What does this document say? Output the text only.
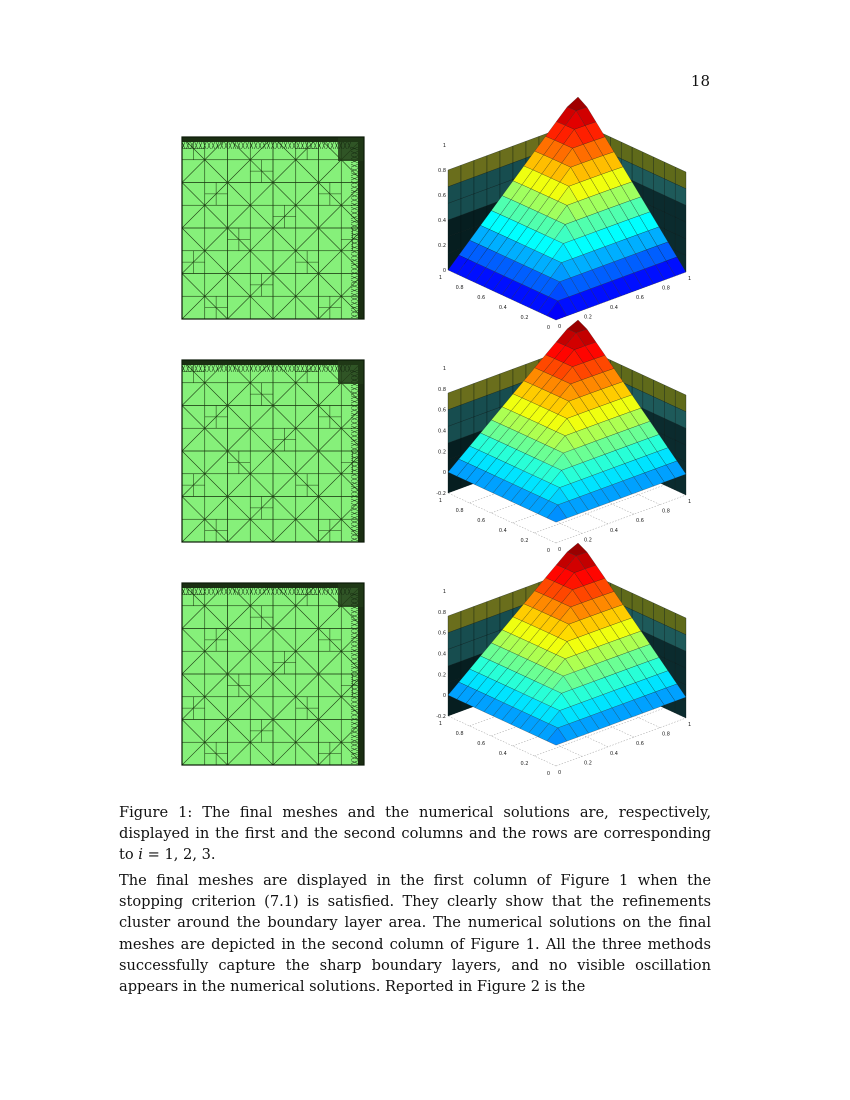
18
1
0.8
0.6
0.4
0.2
0
1
0.8
0.6
0.4
0.2
0 0
0.2
0.4
0.6
0.8
1
1
0.8
0.6
0.4
0.2
0
-0.2
1
0.8
0.6
0.4
0.2
0 0
0.2
0.4
0.6
0.8
1
1
0.8
0.6
0.4
0.2
0
-0.2
1
0.8
0.6
0.4
0.2
0 0
0.2
0.4
0.6
0.8
1
Figure 1: The final meshes and the numerical solutions are, respectively, displayed in the first and the second columns and the rows are corresponding to i = 1, 2, 3.

The final meshes are displayed in the first column of Figure 1 when the stopping criterion (7.1) is satisfied. They clearly show that the refinements cluster around the boundary layer area. The numerical solutions on the final meshes are depicted in the second column of Figure 1. All the three methods successfully capture the sharp boundary layers, and no visible oscillation appears in the numerical solutions. Reported in Figure 2 is the
